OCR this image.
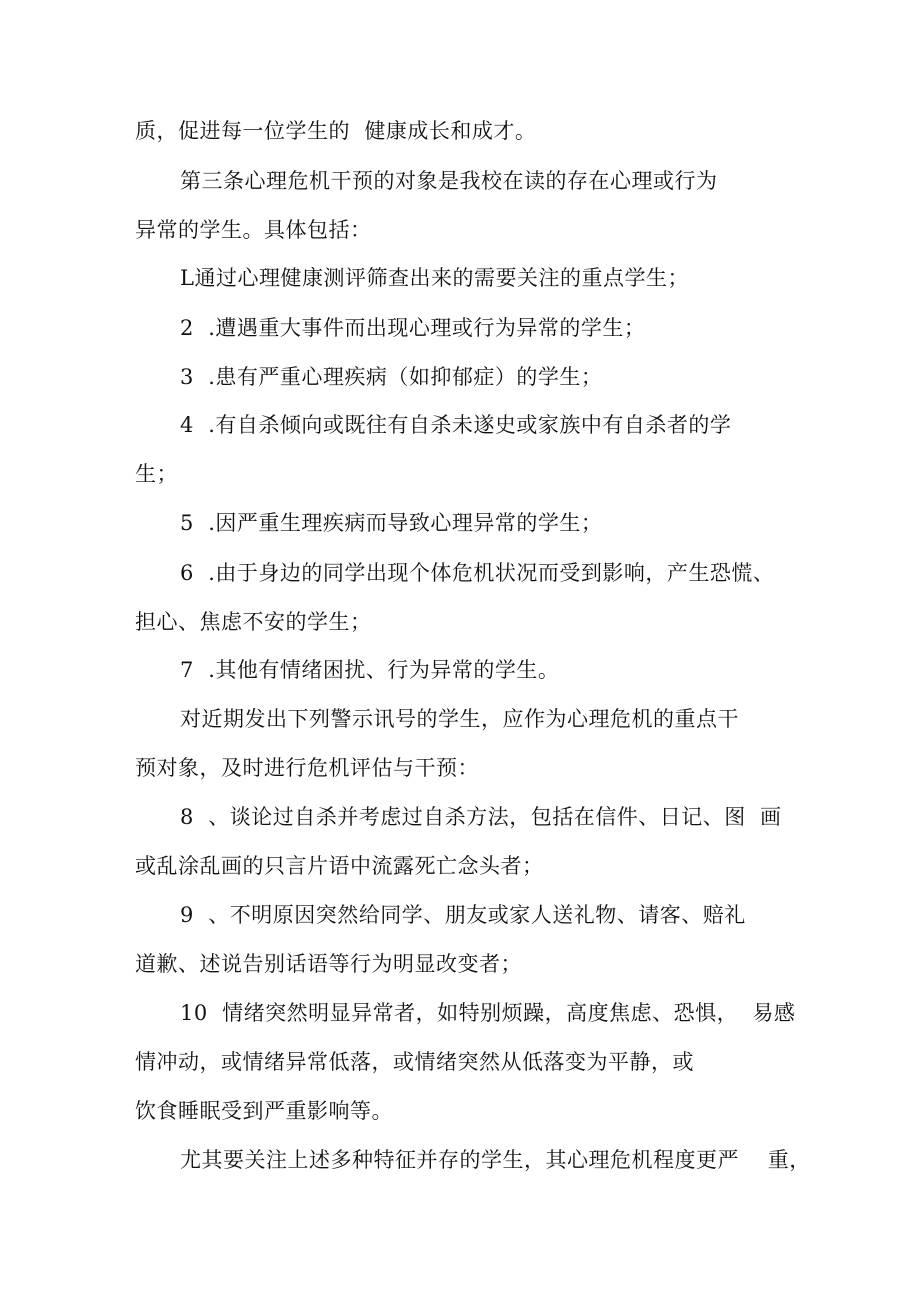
质，促进每一位学生的  健康成长和成才。
第三条心理危机干预的对象是我校在读的存在心理或行为
异常的学生。具体包括：
L通过心理健康测评筛查出来的需要关注的重点学生；
2  .遭遇重大事件而出现心理或行为异常的学生；
3  .患有严重心理疾病（如抑郁症）的学生；
4  .有自杀倾向或既往有自杀未遂史或家族中有自杀者的学
生；
5  .因严重生理疾病而导致心理异常的学生；
6  .由于身边的同学出现个体危机状况而受到影响，产生恐慌、
担心、焦虑不安的学生；
7  .其他有情绪困扰、行为异常的学生。
对近期发出下列警示讯号的学生，应作为心理危机的重点干
预对象，及时进行危机评估与干预：
8  、谈论过自杀并考虑过自杀方法，包括在信件、日记、图  画
或乱涂乱画的只言片语中流露死亡念头者；
9  、不明原因突然给同学、朋友或家人送礼物、请客、赔礼
道歉、述说告别话语等行为明显改变者；
10  情绪突然明显异常者，如特别烦躁，高度焦虑、恐惧，  易感
情冲动，或情绪异常低落，或情绪突然从低落变为平静，或
饮食睡眠受到严重影响等。
尤其要关注上述多种特征并存的学生，其心理危机程度更严    重，
